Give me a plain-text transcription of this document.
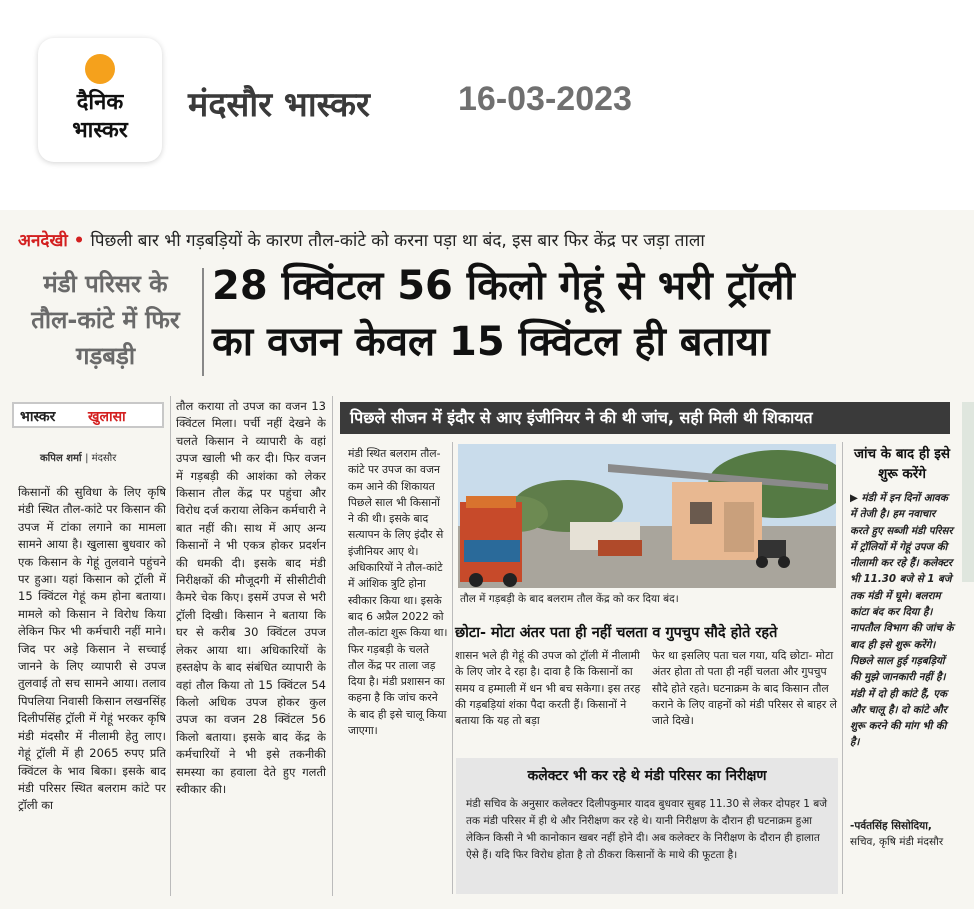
दैनिक
भास्कर
मंदसौर भास्कर	16-03-2023
अनदेखी • पिछली बार भी गड़बड़ियों के कारण तौल-कांटे को करना पड़ा था बंद, इस बार फिर केंद्र पर जड़ा ताला
मंडी परिसर के तौल-कांटे में फिर गड़बड़ी
28 क्विंटल 56 किलो गेहूं से भरी ट्रॉली
का वजन केवल 15 क्विंटल ही बताया
भास्कर खुलासा
कपिल शर्मा | मंदसौर
किसानों की सुविधा के लिए कृषि मंडी स्थित तौल-कांटे पर किसान की उपज में टांका लगाने का मामला सामने आया है। खुलासा बुधवार को एक किसान के गेहूं तुलवाने पहुंचने पर हुआ। यहां किसान को ट्रॉली में 15 क्विंटल गेहूं कम होना बताया। मामले को किसान ने विरोध किया लेकिन फिर भी कर्मचारी नहीं माने। जिद पर अड़े किसान ने सच्चाई जानने के लिए व्यापारी से उपज तुलवाई तो सच सामने आया। तलाव पिपलिया निवासी किसान लखनसिंह दिलीपसिंह ट्रॉली में गेहूं भरकर कृषि मंडी मंदसौर में नीलामी हेतु लाए। गेहूं ट्रॉली में ही 2065 रुपए प्रति क्विंटल के भाव बिका। इसके बाद मंडी परिसर स्थित बलराम कांटे पर ट्रॉली का
तौल कराया तो उपज का वजन 13 क्विंटल मिला। पर्ची नहीं देखने के चलते किसान ने व्यापारी के वहां उपज खाली भी कर दी। फिर वजन में गड़बड़ी की आशंका को लेकर किसान तौल केंद्र पर पहुंचा और विरोध दर्ज कराया लेकिन कर्मचारी ने बात नहीं की। साथ में आए अन्य किसानों ने भी एकत्र होकर प्रदर्शन की धमकी दी। इसके बाद मंडी निरीक्षकों की मौजूदगी में सीसीटीवी कैमरे चेक किए। इसमें उपज से भरी ट्रॉली दिखी। किसान ने बताया कि घर से करीब 30 क्विंटल उपज लेकर आया था। अधिकारियों के हस्तक्षेप के बाद संबंधित व्यापारी के वहां तौल किया तो 15 क्विंटल 54 किलो अधिक उपज होकर कुल उपज का वजन 28 क्विंटल 56 किलो बताया। इसके बाद केंद्र के कर्मचारियों ने भी इसे तकनीकी समस्या का हवाला देते हुए गलती स्वीकार की।
पिछले सीजन में इंदौर से आए इंजीनियर ने की थी जांच, सही मिली थी शिकायत
मंडी स्थित बलराम तौल-कांटे पर उपज का वजन कम आने की शिकायत पिछले साल भी किसानों ने की थी। इसके बाद सत्यापन के लिए इंदौर से इंजीनियर आए थे। अधिकारियों ने तौल-कांटे में आंशिक त्रुटि होना स्वीकार किया था। इसके बाद 6 अप्रैल 2022 को तौल-कांटा शुरू किया था। फिर गड़बड़ी के चलते तौल केंद्र पर ताला जड़ दिया है। मंडी प्रशासन का कहना है कि जांच करने के बाद ही इसे चालू किया जाएगा।
तौल में गड़बड़ी के बाद बलराम तौल केंद्र को कर दिया बंद।
छोटा- मोटा अंतर पता ही नहीं चलता व गुपचुप सौदे होते रहते
शासन भले ही गेहूं की उपज को ट्रॉली में नीलामी के लिए जोर दे रहा है। दावा है कि किसानों का समय व हम्माली में धन भी बच सकेगा। इस तरह की गड़बड़ियां शंका पैदा करती हैं। किसानों ने बताया कि यह तो बड़ा
फेर था इसलिए पता चल गया, यदि छोटा- मोटा अंतर होता तो पता ही नहीं चलता और गुपचुप सौदे होते रहते। घटनाक्रम के बाद किसान तौल कराने के लिए वाहनों को मंडी परिसर से बाहर ले जाते दिखे।
कलेक्टर भी कर रहे थे मंडी परिसर का निरीक्षण
मंडी सचिव के अनुसार कलेक्टर दिलीपकुमार यादव बुधवार सुबह 11.30 से लेकर दोपहर 1 बजे तक मंडी परिसर में ही थे और निरीक्षण कर रहे थे। यानी निरीक्षण के दौरान ही घटनाक्रम हुआ लेकिन किसी ने भी कानोकान खबर नहीं होने दी। अब कलेक्टर के निरीक्षण के दौरान ही हालात ऐसे हैं। यदि फिर विरोध होता है तो ठीकरा किसानों के माथे की फूटता है।
जांच के बाद ही इसे शुरू करेंगे
▶ मंडी में इन दिनों आवक में तेजी है। हम नवाचार करते हुए सब्जी मंडी परिसर में ट्रॉलियों में गेहूं उपज की नीलामी कर रहे हैं। कलेक्टर भी 11.30 बजे से 1 बजे तक मंडी में घूमे। बलराम कांटा बंद कर दिया है। नापतौल विभाग की जांच के बाद ही इसे शुरू करेंगे। पिछले साल हुई गड़बड़ियों की मुझे जानकारी नहीं है। मंडी में दो ही कांटे हैं, एक और चालू है। दो कांटे और शुरू करने की मांग भी की है।
-पर्वतसिंह सिसोदिया,
सचिव, कृषि मंडी मंदसौर
